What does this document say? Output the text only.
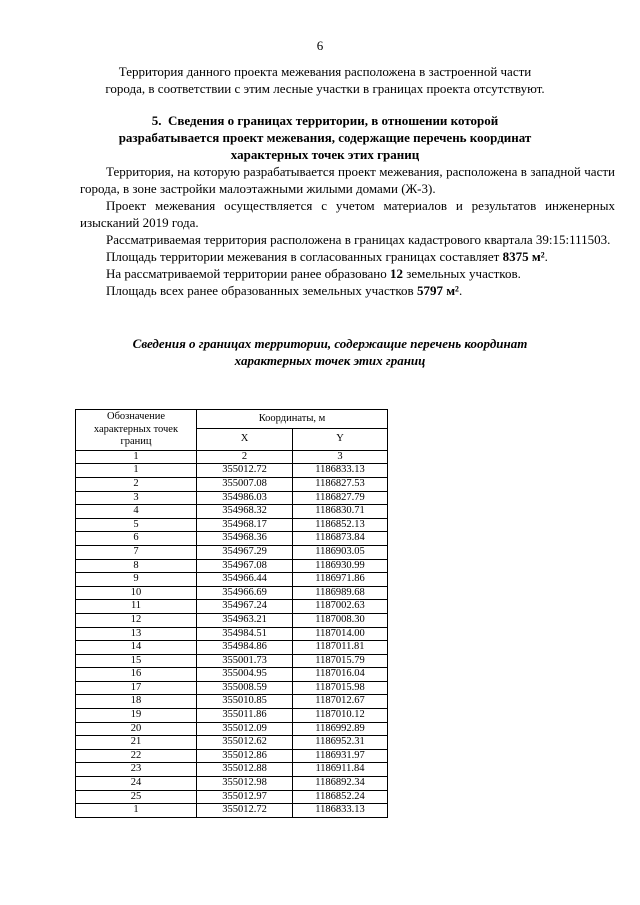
6
Территория данного проекта межевания расположена в застроенной части
города, в соответствии с этим лесные участки в границах проекта отсутствуют.
5. Сведения о границах территории, в отношении которой
разрабатывается проект межевания, содержащие перечень координат
характерных точек этих границ
Территория, на которую разрабатывается проект межевания, расположена в западной части города, в зоне застройки малоэтажными жилыми домами (Ж-3).
Проект межевания осуществляется с учетом материалов и результатов инженерных изысканий 2019 года.
Рассматриваемая территория расположена в границах кадастрового квартала 39:15:111503.
Площадь территории межевания в согласованных границах составляет 8375 м².
На рассматриваемой территории ранее образовано 12 земельных участков.
Площадь всех ранее образованных земельных участков 5797 м².
Сведения о границах территории, содержащие перечень координат
характерных точек этих границ
Обозначение характерных точек границ	Координаты, м	
	X	Y
1	2	3
1	355012.72	1186833.13
2	355007.08	1186827.53
3	354986.03	1186827.79
4	354968.32	1186830.71
5	354968.17	1186852.13
6	354968.36	1186873.84
7	354967.29	1186903.05
8	354967.08	1186930.99
9	354966.44	1186971.86
10	354966.69	1186989.68
11	354967.24	1187002.63
12	354963.21	1187008.30
13	354984.51	1187014.00
14	354984.86	1187011.81
15	355001.73	1187015.79
16	355004.95	1187016.04
17	355008.59	1187015.98
18	355010.85	1187012.67
19	355011.86	1187010.12
20	355012.09	1186992.89
21	355012.62	1186952.31
22	355012.86	1186931.97
23	355012.88	1186911.84
24	355012.98	1186892.34
25	355012.97	1186852.24
1	355012.72	1186833.13
